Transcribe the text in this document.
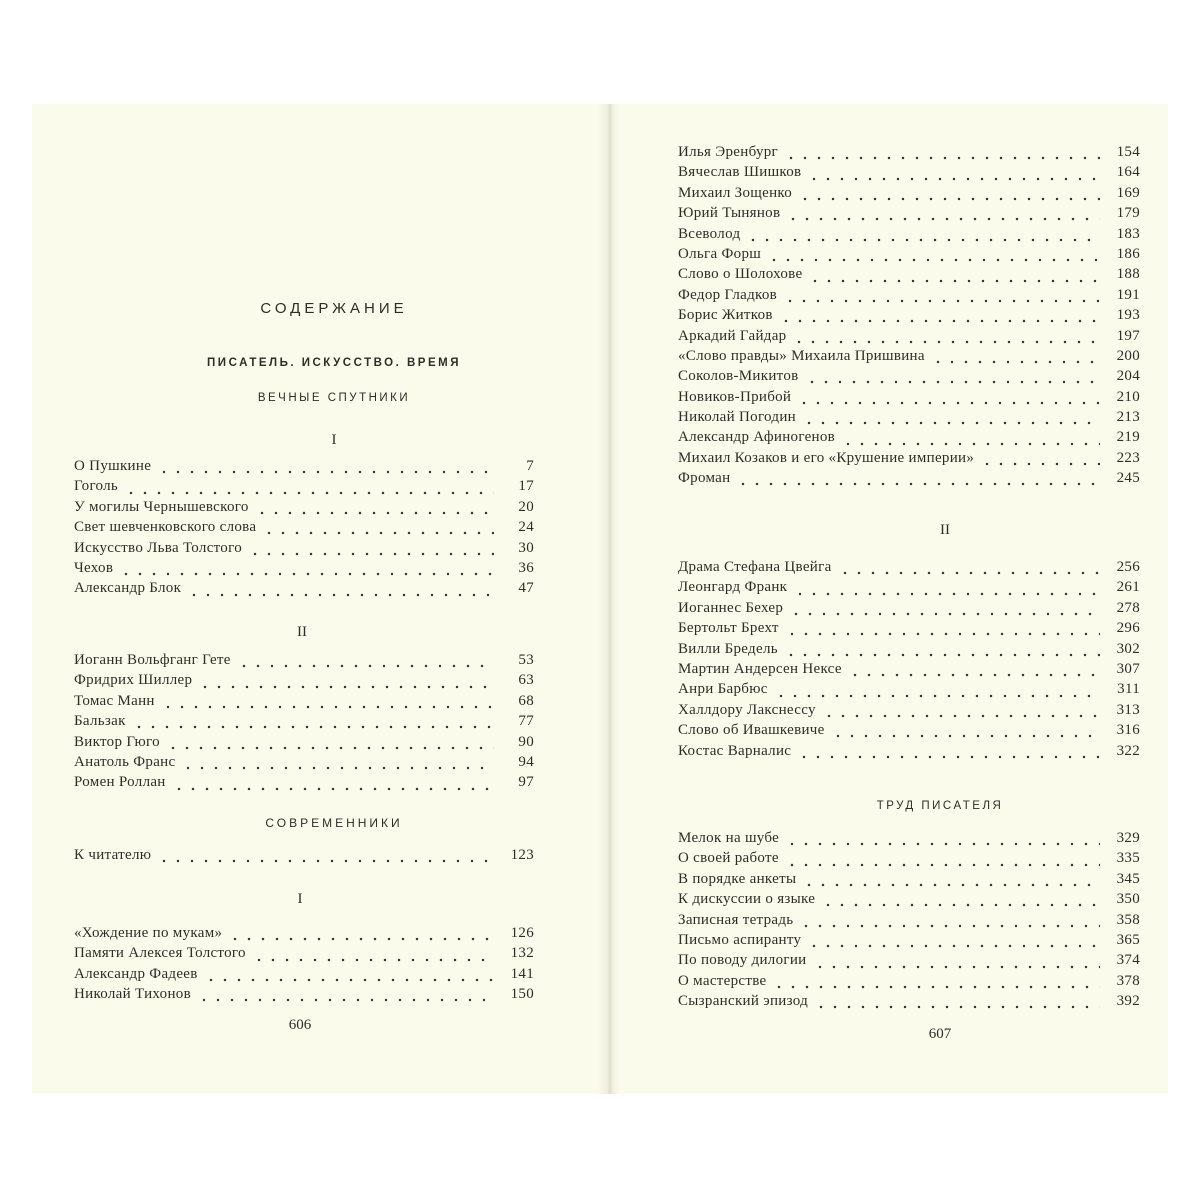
СОДЕРЖАНИЕ
ПИСАТЕЛЬ. ИСКУССТВО. ВРЕМЯ
ВЕЧНЫЕ СПУТНИКИ
I
О Пушкине	7
Гоголь	17
У могилы Чернышевского	20
Свет шевченковского слова	24
Искусство Льва Толстого	30
Чехов	36
Александр Блок	47
II
Иоганн Вольфганг Гете	53
Фридрих Шиллер	63
Томас Манн	68
Бальзак	77
Виктор Гюго	90
Анатоль Франс	94
Ромен Роллан	97
СОВРЕМЕННИКИ
К читателю	123
I
«Хождение по мукам»	126
Памяти Алексея Толстого	132
Александр Фадеев	141
Николай Тихонов	150
606
Илья Эренбург	154
Вячеслав Шишков	164
Михаил Зощенко	169
Юрий Тынянов	179
Всеволод	183
Ольга Форш	186
Слово о Шолохове	188
Федор Гладков	191
Борис Житков	193
Аркадий Гайдар	197
«Слово правды» Михаила Пришвина	200
Соколов-Микитов	204
Новиков-Прибой	210
Николай Погодин	213
Александр Афиногенов	219
Михаил Козаков и его «Крушение империи»	223
Фроман	245
II
Драма Стефана Цвейга	256
Леонгард Франк	261
Иоганнес Бехер	278
Бертольт Брехт	296
Вилли Бредель	302
Мартин Андерсен Нексе	307
Анри Барбюс	311
Халлдору Лакснессу	313
Слово об Ивашкевиче	316
Костас Варналис	322
ТРУД ПИСАТЕЛЯ
Мелок на шубе	329
О своей работе	335
В порядке анкеты	345
К дискуссии о языке	350
Записная тетрадь	358
Письмо аспиранту	365
По поводу дилогии	374
О мастерстве	378
Сызранский эпизод	392
607
